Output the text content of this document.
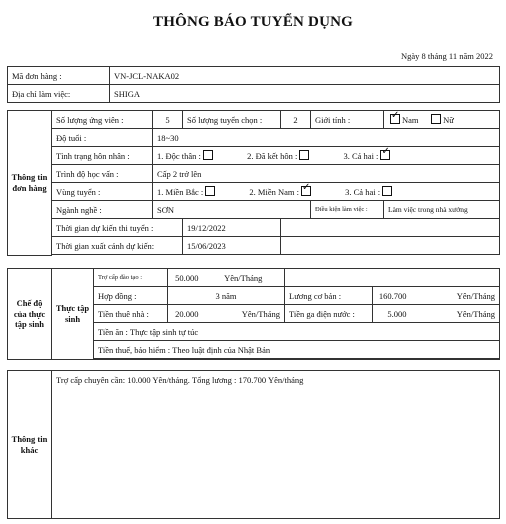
THÔNG BÁO TUYỂN DỤNG
Ngày 8 tháng 11 năm 2022
Mã đơn hàng :	VN-JCL-NAKA02
Địa chỉ làm việc:	SHIGA
Thông tin đơn hàng	Số lượng ứng viên :	5	Số lượng tuyển chọn :	2	Giới tính :	✓Nam Nữ
	Độ tuổi :	18~30				
	Tình trạng hôn nhân :	1. Độc thân : 2. Đã kết hôn : 3. Cả hai :✓
	Trình độ học vấn :	Cấp 2 trở lên				
	Vùng tuyển :	1. Miền Bắc : 2. Miền Nam : ✓ 3. Cả hai :
	Ngành nghề :	SƠN			Điều kiện làm việc :	Làm việc trong nhà xưởng
	Thời gian dự kiến thi tuyển :		19/12/2022			
	Thời gian xuất cảnh dự kiến:		15/06/2023			

Chế độ của thực tập sinh	Thực tập sinh	Trợ cấp đào tạo :	50.000	Yên/Tháng			
		Hợp đồng :	3 năm		Lương cơ bản :	160.700	Yên/Tháng
		Tiền thuê nhà :	20.000	Yên/Tháng	Tiền ga điện nước :	5.000	Yên/Tháng
		Tiền ăn : Thực tập sinh tự túc					
		Tiền thuế, bảo hiểm : Theo luật định của Nhật Bản					

Thông tin khác	Trợ cấp chuyên cần: 10.000 Yên/tháng. Tổng lương : 170.700 Yên/tháng
